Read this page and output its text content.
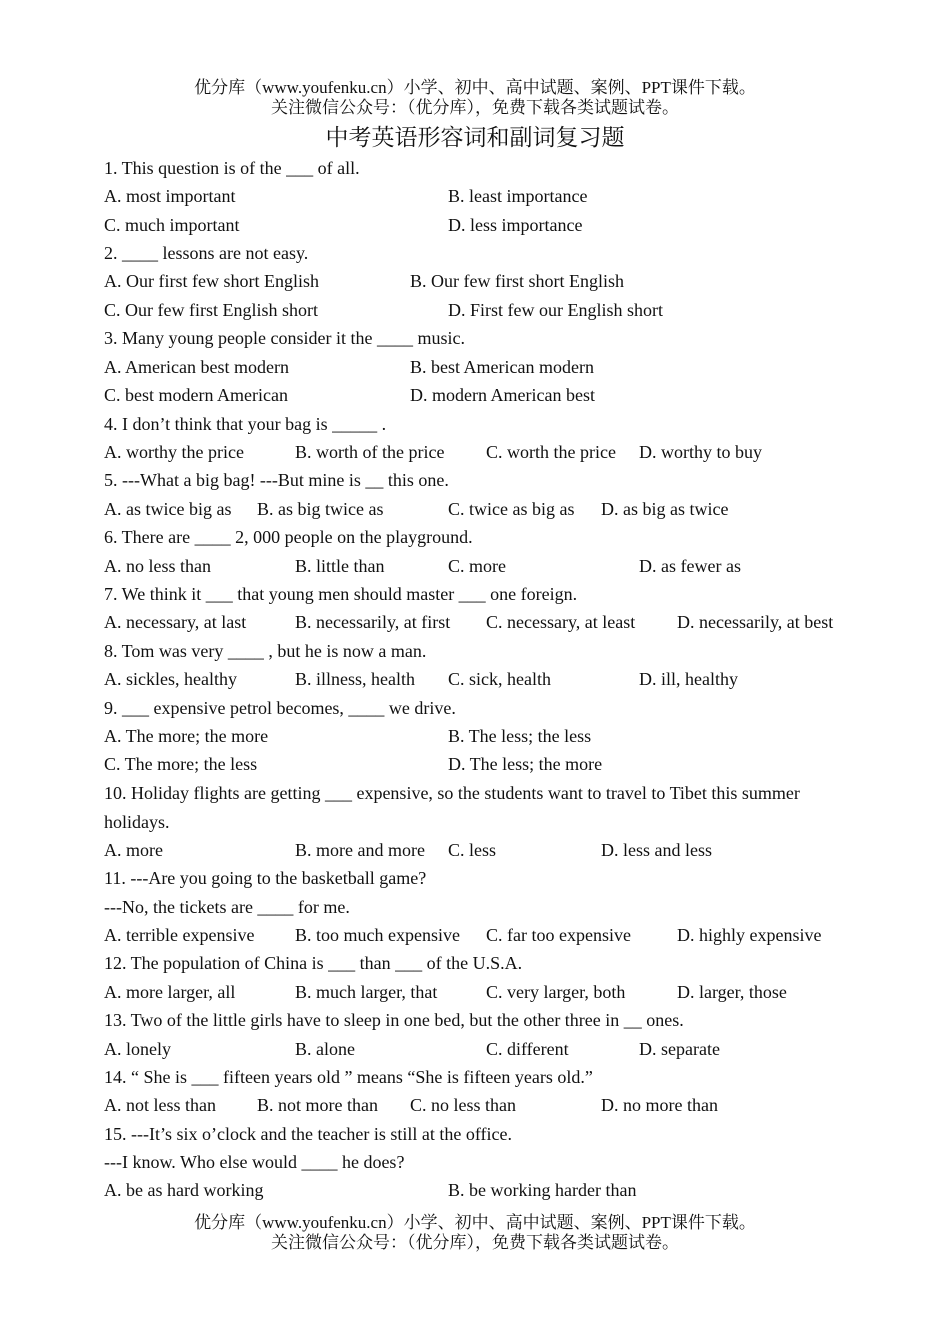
优分库（www.youfenku.cn）小学、初中、高中试题、案例、PPT课件下载。
关注微信公众号：（优分库），免费下载各类试题试卷。
中考英语形容词和副词复习题
1. This question is of the ___ of all.
A. most important	B. least importance
C. much important	D. less importance
2. ____ lessons are not easy.
A. Our first few short English	B. Our few first short English
C. Our few first English short	D. First few our English short
3. Many young people consider it the ____ music.
A. American best modern	B. best American modern
C. best modern American	D. modern American best
4. I don’t think that your bag is _____ .
A. worthy the price	B. worth of the price C. worth the price D. worthy to buy
5. ---What a big bag! ---But mine is __ this one.
A. as twice big as B. as big twice as	C. twice as big as D. as big as twice
6. There are ____ 2, 000 people on the playground.
A. no less than	B. little than	C. more	D. as fewer as
7. We think it ___ that young men should master ___ one foreign.
A. necessary, at last	B. necessarily, at first C. necessary, at least D. necessarily, at best
8. Tom was very ____ , but he is now a man.
A. sickles, healthy	B. illness, health C. sick, health	D. ill, healthy
9. ___ expensive petrol becomes, ____ we drive.
A. The more; the more	B. The less; the less
C. The more; the less	D. The less; the more
10. Holiday flights are getting ___ expensive, so the students want to travel to Tibet this summer holidays.
A. more	B. more and more C. less	D. less and less
11. ---Are you going to the basketball game?
---No, the tickets are ____ for me.
A. terrible expensive B. too much expensive C. far too expensive	D. highly expensive
12. The population of China is ___ than ___ of the U.S.A.
A. more larger, all	B. much larger, that	C. very larger, both	D. larger, those
13. Two of the little girls have to sleep in one bed, but the other three in __ ones.
A. lonely	B. alone	C. different	D. separate
14. “ She is ___ fifteen years old ” means “She is fifteen years old.”
A. not less than B. not more than C. no less than	D. no more than
15. ---It’s six o’clock and the teacher is still at the office.
---I know. Who else would ____ he does?
A. be as hard working	B. be working harder than
优分库（www.youfenku.cn）小学、初中、高中试题、案例、PPT课件下载。
关注微信公众号：（优分库），免费下载各类试题试卷。
